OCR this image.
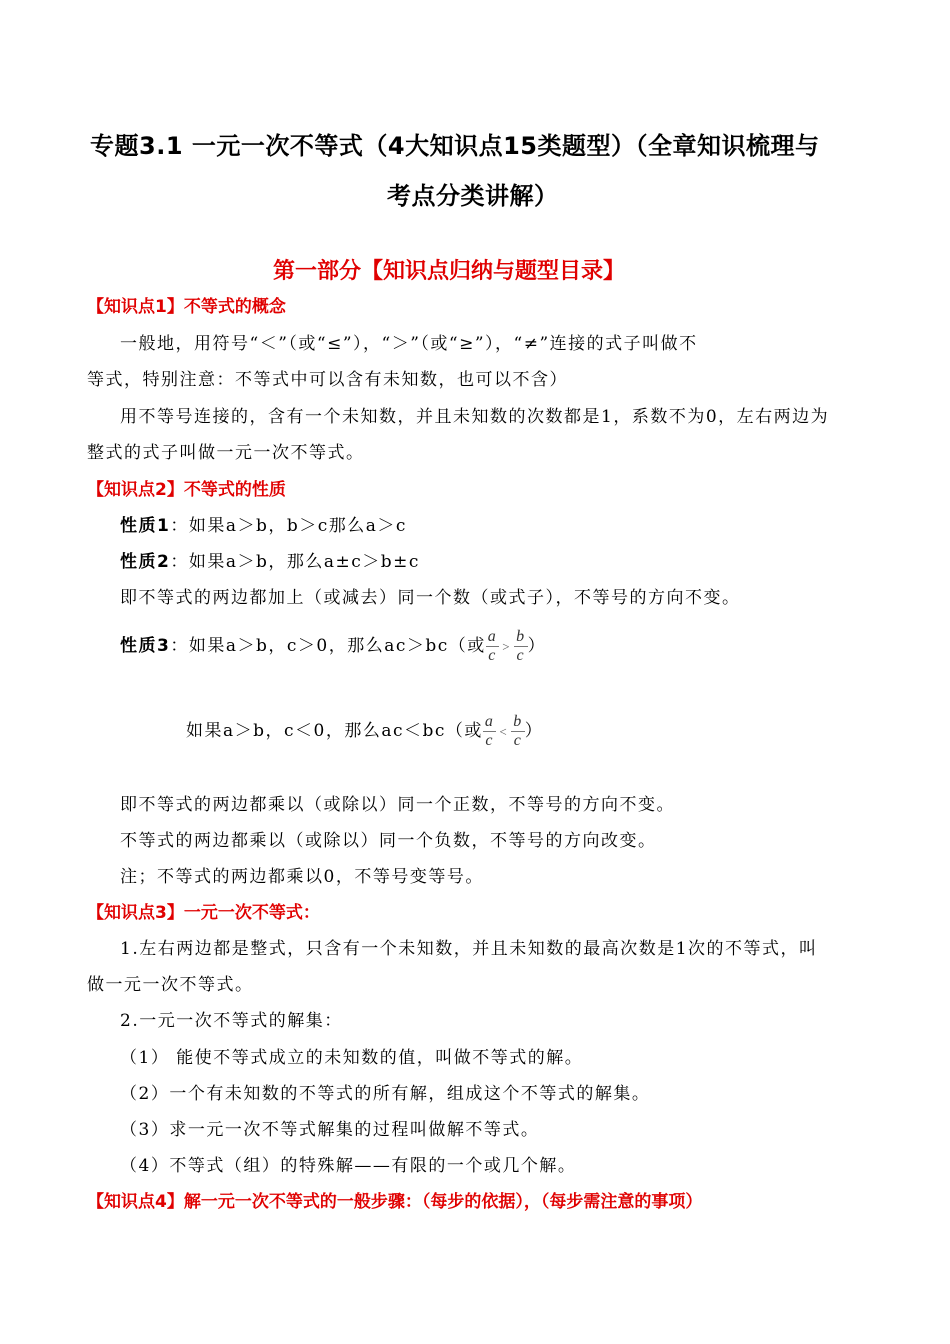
专题3.1 一元一次不等式（4大知识点15类题型）（全章知识梳理与
考点分类讲解）
第一部分【知识点归纳与题型目录】
【知识点1】不等式的概念
一般地，用符号“＜”（或“≤”），“＞”（或“≥”），“≠”连接的式子叫做不
等式，特别注意：不等式中可以含有未知数，也可以不含）
用不等号连接的，含有一个未知数，并且未知数的次数都是1，系数不为0，左右两边为
整式的式子叫做一元一次不等式。
【知识点2】不等式的性质
性质1：如果a＞b，b＞c那么a＞c
性质2：如果a＞b，那么a±c＞b±c
即不等式的两边都加上（或减去）同一个数（或式子），不等号的方向不变。
性质3：如果a＞b，c＞0，那么ac＞bc（或 $\frac{a}{c} > \frac{b}{c}$ ）
如果a＞b，c＜0，那么ac＜bc（或 $\frac{a}{c} < \frac{b}{c}$ ）
即不等式的两边都乘以（或除以）同一个正数，不等号的方向不变。
不等式的两边都乘以（或除以）同一个负数，不等号的方向改变。
注；不等式的两边都乘以0，不等号变等号。
【知识点3】一元一次不等式：
1.左右两边都是整式，只含有一个未知数，并且未知数的最高次数是1次的不等式，叫
做一元一次不等式。
2.一元一次不等式的解集：
（1） 能使不等式成立的未知数的值，叫做不等式的解。
（2）一个有未知数的不等式的所有解，组成这个不等式的解集。
（3）求一元一次不等式解集的过程叫做解不等式。
（4）不等式（组）的特殊解——有限的一个或几个解。
【知识点4】解一元一次不等式的一般步骤：（每步的依据），（每步需注意的事项）
